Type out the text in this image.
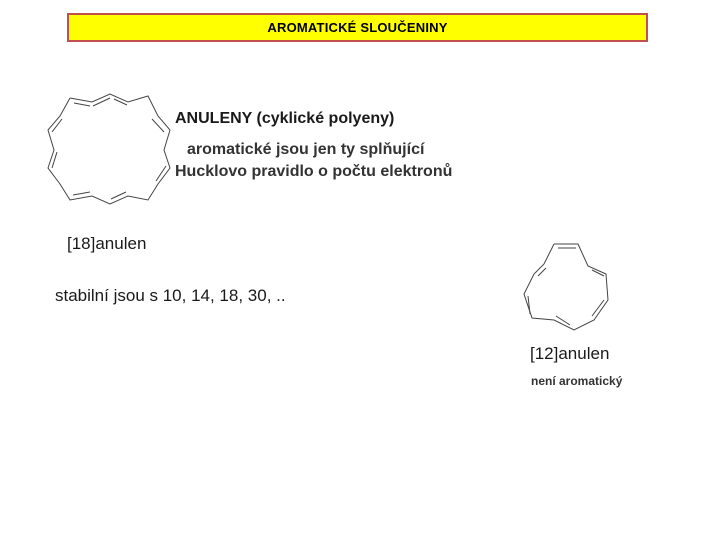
AROMATICKÉ SLOUČENINY
ANULENY (cyklické polyeny)
aromatické jsou jen ty splňující
Hucklovo pravidlo o počtu elektronů
[18]anulen
stabilní jsou s 10, 14, 18, 30, ..
[12]anulen
není aromatický
